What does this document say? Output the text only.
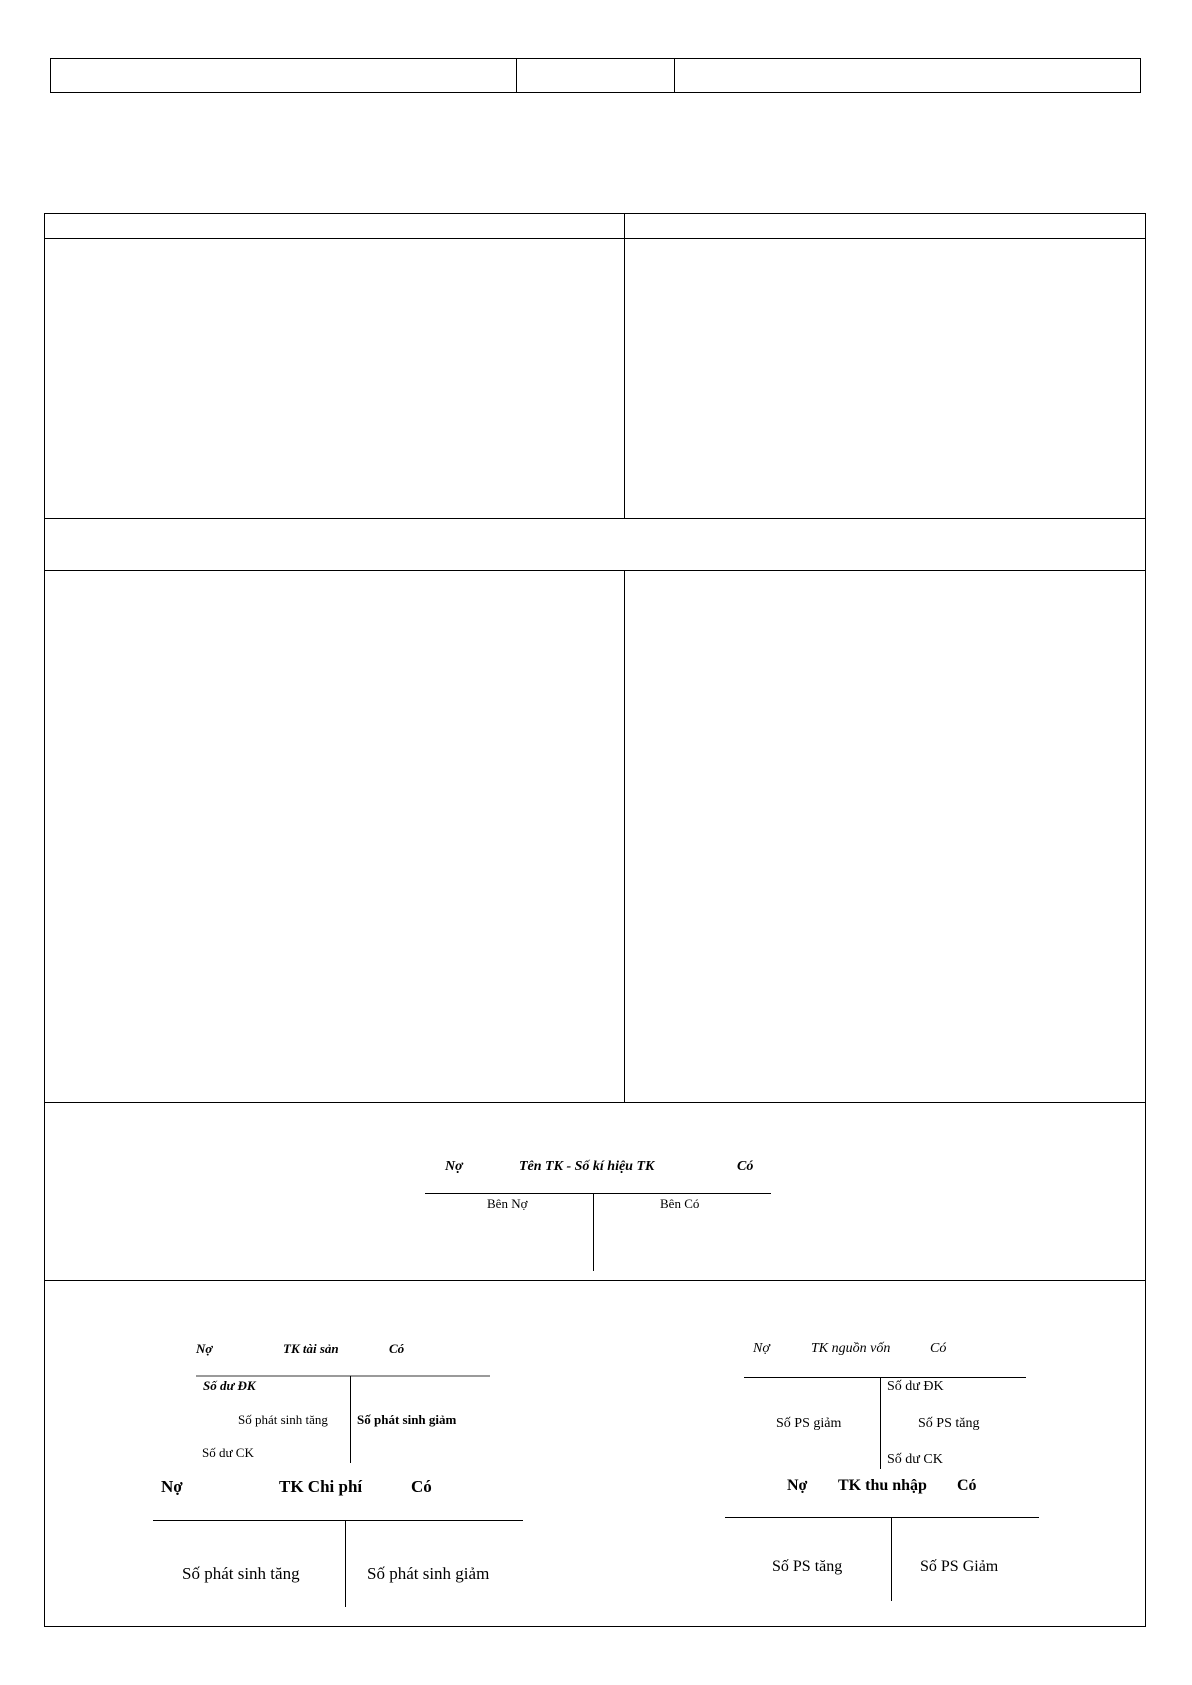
Nợ	Tên TK - Số kí hiệu TK	Có
Bên Nợ	Bên Có
Nợ	TK tài sản	Có
Số dư ĐK
Số phát sinh tăng Số phát sinh giảm
Số dư CK
Nợ	TK nguồn vốn	Có
Số dư ĐK
Số PS giảm	Số PS tăng
Số dư CK
Nợ	TK Chi phí	Có
Số phát sinh tăng	Số phát sinh giảm
Nợ TK thu nhập Có
Số PS tăng	Số PS Giảm
